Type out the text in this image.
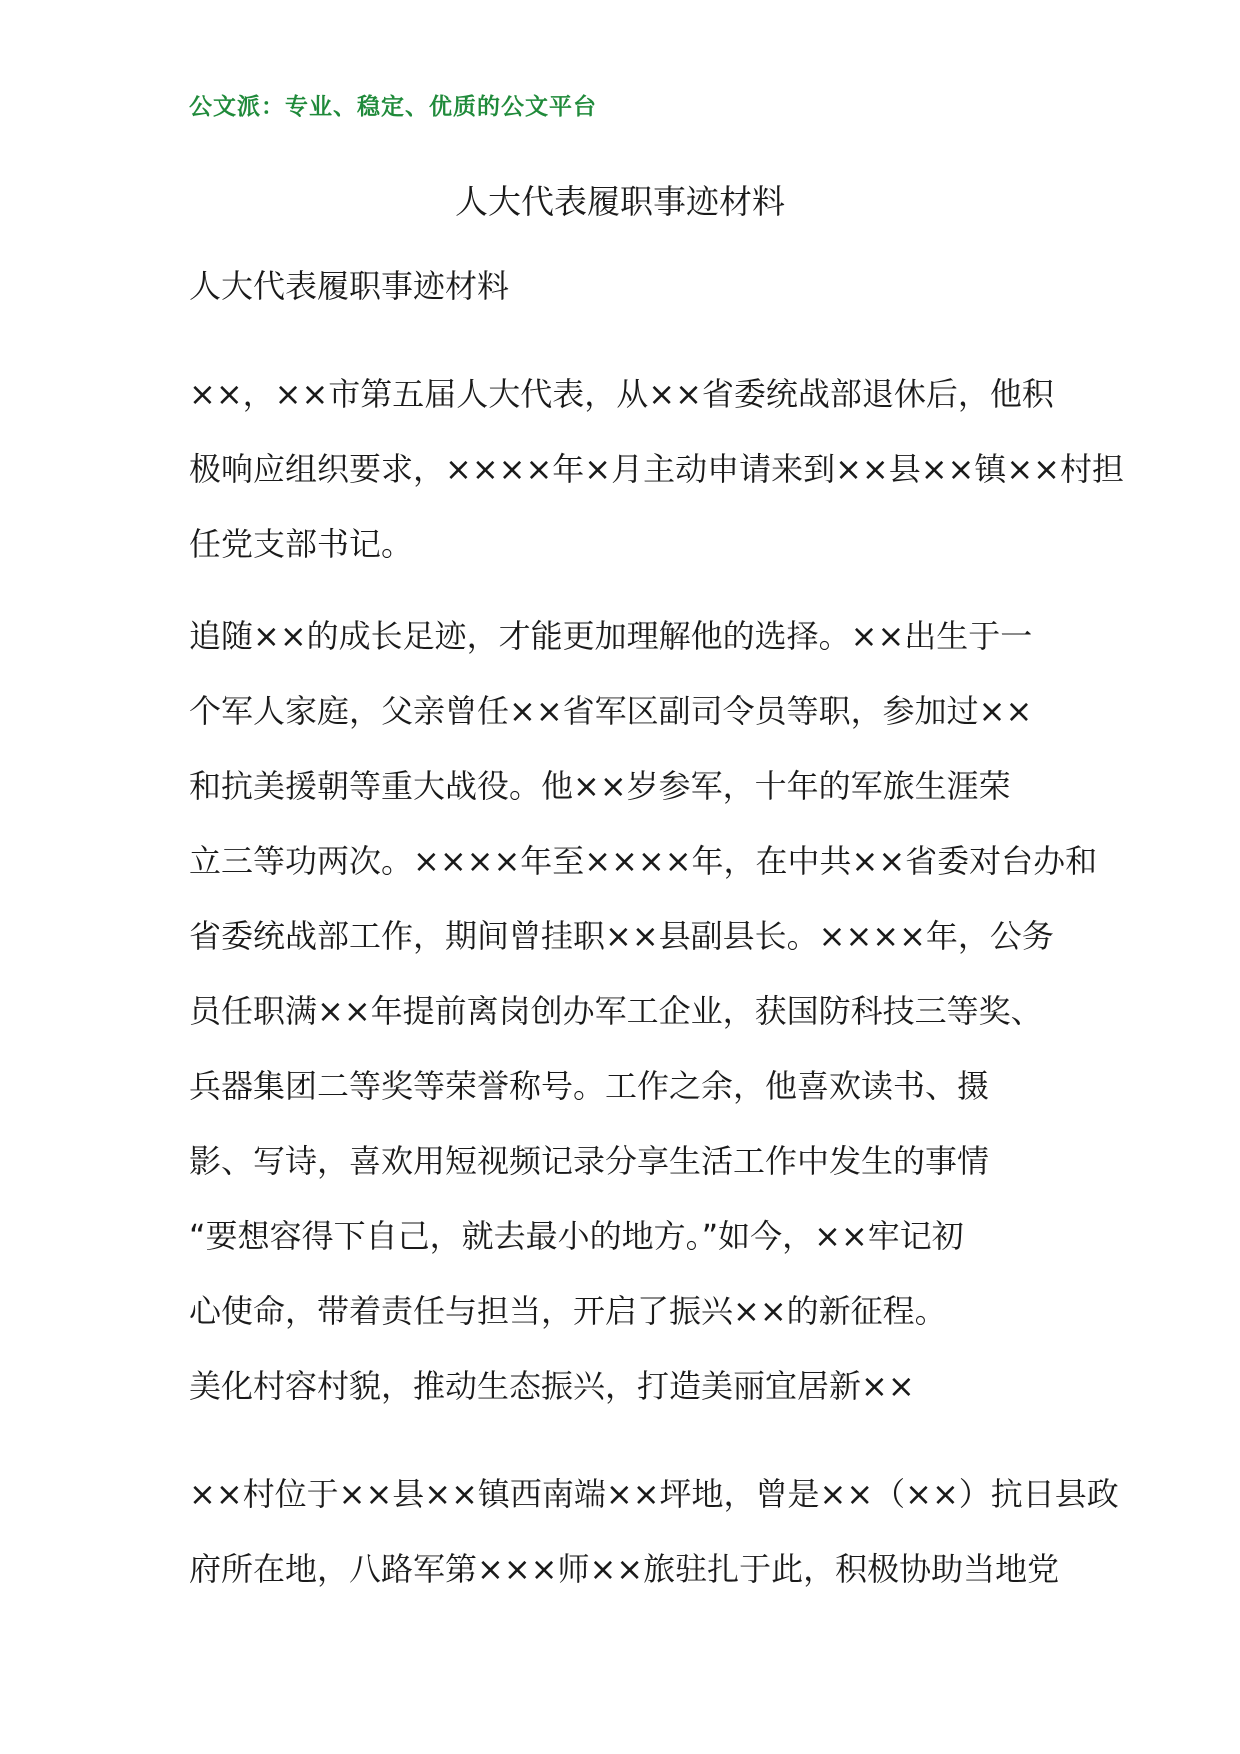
公文派：专业、稳定、优质的公文平台
人大代表履职事迹材料
人大代表履职事迹材料
××，××市第五届人大代表，从××省委统战部退休后，他积
极响应组织要求，××××年×月主动申请来到××县××镇××村担
任党支部书记。
追随××的成长足迹，才能更加理解他的选择。××出生于一
个军人家庭，父亲曾任××省军区副司令员等职，参加过××
和抗美援朝等重大战役。他××岁参军，十年的军旅生涯荣
立三等功两次。××××年至××××年，在中共××省委对台办和
省委统战部工作，期间曾挂职××县副县长。××××年，公务
员任职满××年提前离岗创办军工企业，获国防科技三等奖、
兵器集团二等奖等荣誉称号。工作之余，他喜欢读书、摄
影、写诗，喜欢用短视频记录分享生活工作中发生的事情
“要想容得下自己，就去最小的地方。”如今，××牢记初
心使命，带着责任与担当，开启了振兴××的新征程。
美化村容村貌，推动生态振兴，打造美丽宜居新××
××村位于××县××镇西南端××坪地，曾是××（××）抗日县政
府所在地，八路军第×××师××旅驻扎于此，积极协助当地党
